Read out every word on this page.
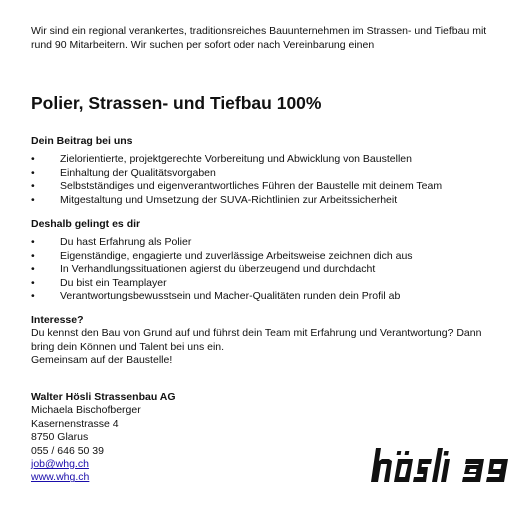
Wir sind ein regional verankertes, traditionsreiches Bauunternehmen im Strassen- und Tiefbau mit rund 90 Mitarbeitern. Wir suchen per sofort oder nach Vereinbarung einen
Polier, Strassen- und Tiefbau 100%
Dein Beitrag bei uns
• Zielorientierte, projektgerechte Vorbereitung und Abwicklung von Baustellen
• Einhaltung der Qualitätsvorgaben
• Selbstständiges und eigenverantwortliches Führen der Baustelle mit deinem Team
• Mitgestaltung und Umsetzung der SUVA-Richtlinien zur Arbeitssicherheit
Deshalb gelingt es dir
• Du hast Erfahrung als Polier
• Eigenständige, engagierte und zuverlässige Arbeitsweise zeichnen dich aus
• In Verhandlungssituationen agierst du überzeugend und durchdacht
• Du bist ein Teamplayer
• Verantwortungsbewusstsein und Macher-Qualitäten runden dein Profil ab
Interesse?

Du kennst den Bau von Grund auf und führst dein Team mit Erfahrung und Verantwortung? Dann bring dein Können und Talent bei uns ein.

Gemeinsam auf der Baustelle!

Walter Hösli Strassenbau AG
Michaela Bischofberger
Kasernenstrasse 4
8750 Glarus
055 / 646 50 39
job@whg.ch
www.whg.ch
